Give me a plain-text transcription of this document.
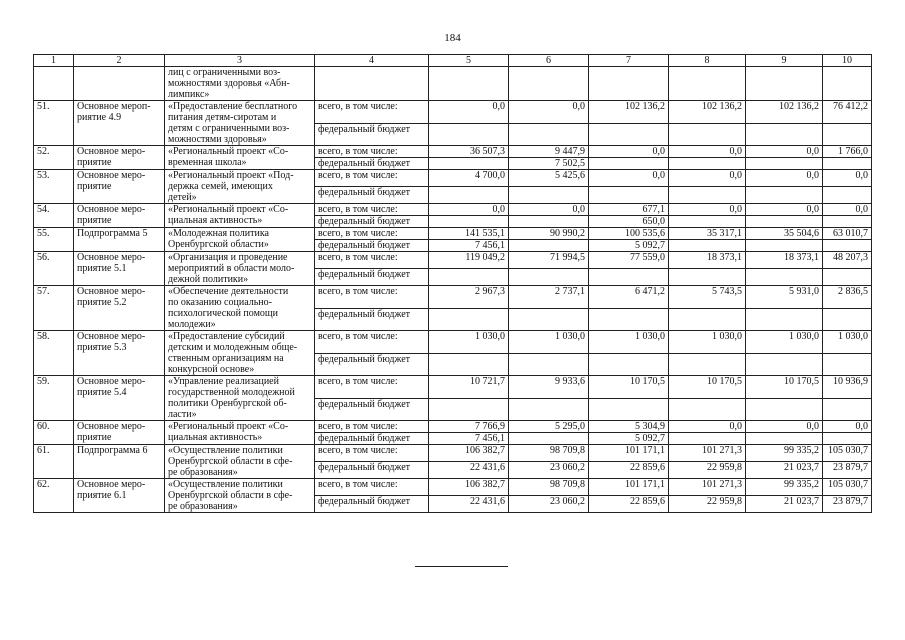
184
1	2	3	4	5	6	7	8	9	10

		лиц с ограниченными воз-
можностями здоровья «Абн-
лимпикс»							

51.	Основное мероп-
риятие 4.9	«Предоставление бесплатного
питания детям-сиротам и
детям с ограниченными воз-
можностями здоровья»	всего, в том числе:	0,0	0,0	102 136,2	102 136,2	102 136,2	76 412,2
			федеральный бюджет						
52.	Основное меро-
приятие	«Региональный проект «Со-
временная школа»	всего, в том числе:	36 507,3	9 447,9	0,0	0,0	0,0	1 766,0
			федеральный бюджет		7 502,5				
53.	Основное меро-
приятие	«Региональный проект «Под-
держка семей, имеющих
детей»	всего, в том числе:	4 700,0	5 425,6	0,0	0,0	0,0	0,0
			федеральный бюджет						
54.	Основное меро-
приятие	«Региональный проект «Со-
циальная активность»	всего, в том числе:	0,0	0,0	677,1	0,0	0,0	0,0
			федеральный бюджет			650,0			
55.	Подпрограмма 5	«Молодежная политика
Оренбургской области»	всего, в том числе:	141 535,1	90 990,2	100 535,6	35 317,1	35 504,6	63 010,7
			федеральный бюджет	7 456,1		5 092,7			
56.	Основное меро-
приятие 5.1	«Организация и проведение
мероприятий в области моло-
дежной политики»	всего, в том числе:	119 049,2	71 994,5	77 559,0	18 373,1	18 373,1	48 207,3
			федеральный бюджет						
57.	Основное меро-
приятие 5.2	«Обеспечение деятельности
по оказанию социально-
психологической помощи
молодежи»	всего, в том числе:	2 967,3	2 737,1	6 471,2	5 743,5	5 931,0	2 836,5
			федеральный бюджет						
58.	Основное меро-
приятие 5.3	«Предоставление субсидий
детским и молодежным обще-
ственным организациям на
конкурсной основе»	всего, в том числе:	1 030,0	1 030,0	1 030,0	1 030,0	1 030,0	1 030,0
			федеральный бюджет						
59.	Основное меро-
приятие 5.4	«Управление реализацией
государственной молодежной
политики Оренбургской об-
ласти»	всего, в том числе:	10 721,7	9 933,6	10 170,5	10 170,5	10 170,5	10 936,9
			федеральный бюджет						
60.	Основное меро-
приятие	«Региональный проект «Со-
циальная активность»	всего, в том числе:	7 766,9	5 295,0	5 304,9	0,0	0,0	0,0
			федеральный бюджет	7 456,1		5 092,7			
61.	Подпрограмма 6	«Осуществление политики
Оренбургской области в сфе-
ре образования»	всего, в том числе:	106 382,7	98 709,8	101 171,1	101 271,3	99 335,2	105 030,7
			федеральный бюджет	22 431,6	23 060,2	22 859,6	22 959,8	21 023,7	23 879,7
62.	Основное меро-
приятие 6.1	«Осуществление политики
Оренбургской области в сфе-
ре образования»	всего, в том числе:	106 382,7	98 709,8	101 171,1	101 271,3	99 335,2	105 030,7
			федеральный бюджет	22 431,6	23 060,2	22 859,6	22 959,8	21 023,7	23 879,7
